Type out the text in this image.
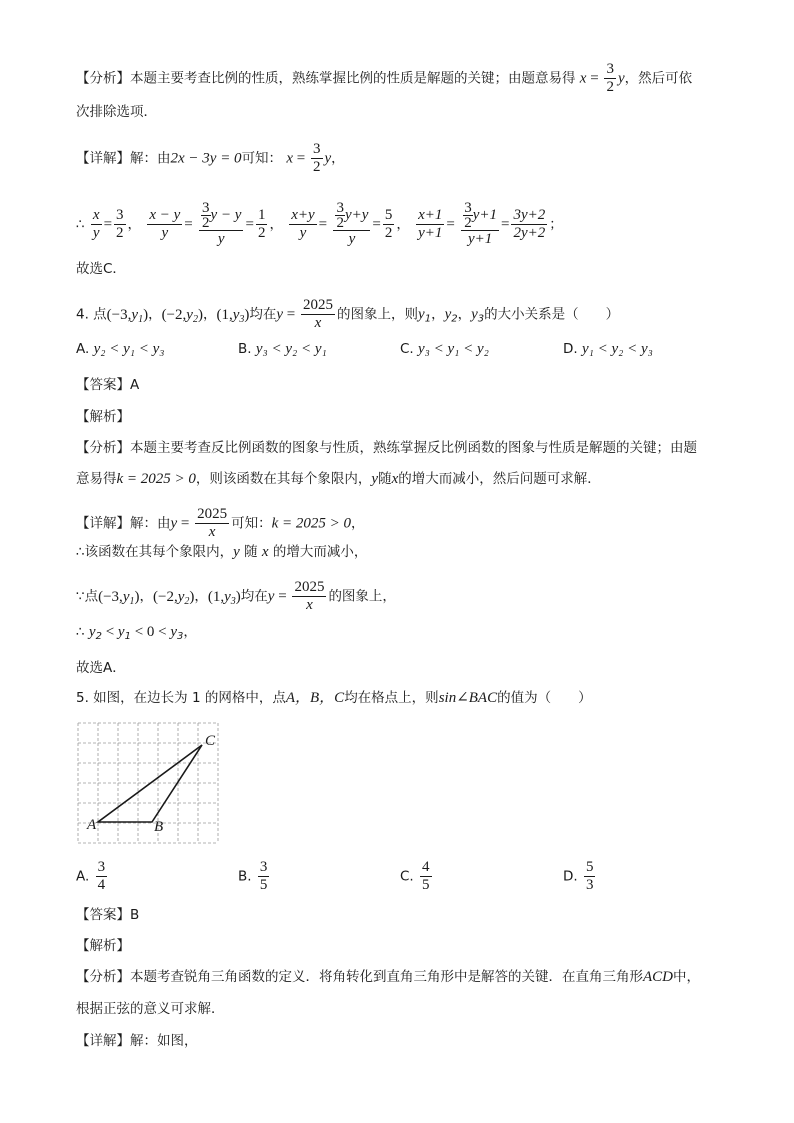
【分析】本题主要考查比例的性质，熟练掌握比例的性质是解题的关键；由题意易得 $x = \frac{3}{2}$ y，然后可依
次排除选项．
【详解】解：由2x − 3y = 0可知： $x = \frac{3}{2}$ y，
∴ $\frac{x}{y} = \frac{3}{2}$ ， $\frac{x - y}{y} = \frac{\frac{3}{2} y - y}{y} = \frac{1}{2}$ ， $\frac{x+y}{y} = \frac{\frac{3}{2} y+y}{y} = \frac{5}{2}$ ， $\frac{x+1}{y+1} = \frac{\frac{3}{2} y+1}{y+1} = \frac{3y+2}{2y+2}$ ；
故选C．
4. 点$(-3,y_1)$，$(-2,y_2)$，$(1,y_3)$均在$y = \frac{2025}{x}$ 的图象上，则$y_1$，$y_2$，$y_3$的大小关系是（　　）
A. y₂ < y₁ < y₃	B. y₃ < y₂ < y₁	C. y₃ < y₁ < y₂	D. y₁ < y₂ < y₃
【答案】A
【解析】
【分析】本题主要考查反比例函数的图象与性质，熟练掌握反比例函数的图象与性质是解题的关键；由题
意易得k = 2025 > 0，则该函数在其每个象限内，y随x的增大而减小，然后问题可求解．
【详解】解：由$y = \frac{2025}{x}$ 可知：k = 2025 > 0，
∴该函数在其每个象限内，y 随 x 的增大而减小，
∵点$(-3,y_1)$，$(-2,y_2)$，$(1,y_3)$均在$y = \frac{2025}{x}$ 的图象上，
∴ $y_2 < y_1 < 0 < y_3$，
故选A．
5. 如图，在边长为 1 的网格中，点A，B，C均在格点上，则sin∠BAC的值为（　　）
A	B
C
A. $\frac{3}{4}$	B. $\frac{3}{5}$	C. $\frac{4}{5}$	D. $\frac{5}{3}$
【答案】B
【解析】
【分析】本题考查锐角三角函数的定义．将角转化到直角三角形中是解答的关键．在直角三角形ACD中，
根据正弦的意义可求解．
【详解】解：如图，
